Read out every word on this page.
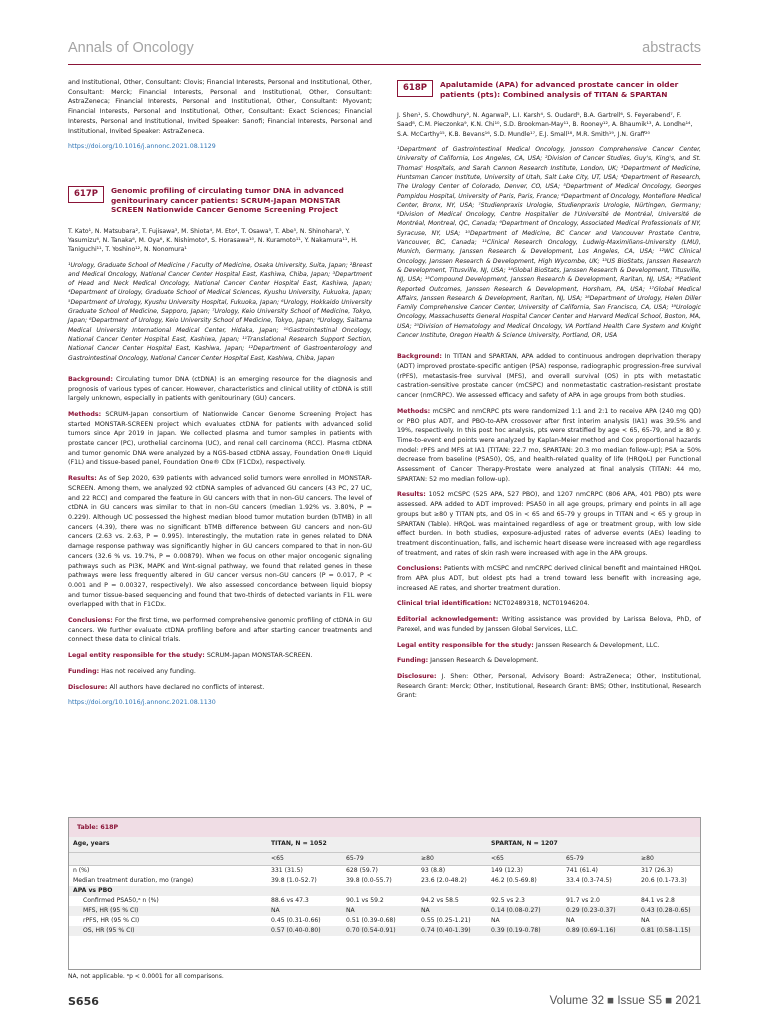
Annals of Oncology	abstracts

and Institutional, Other, Consultant: Clovis; Financial Interests, Personal and Institutional, Other, Consultant: Merck; Financial Interests, Personal and Institutional, Other, Consultant: AstraZeneca; Financial Interests, Personal and Institutional, Other, Consultant: Myovant; Financial Interests, Personal and Institutional, Other, Consultant: Exact Sciences; Financial Interests, Personal and Institutional, Invited Speaker: Sanofi; Financial Interests, Personal and Institutional, Invited Speaker: AstraZeneca.

https://doi.org/10.1016/j.annonc.2021.08.1129

617P	Genomic profiling of circulating tumor DNA in advanced genitourinary cancer patients: SCRUM-Japan MONSTAR SCREEN Nationwide Cancer Genome Screening Project

T. Kato¹, N. Matsubara², T. Fujisawa³, M. Shiota⁴, M. Eto⁴, T. Osawa⁵, T. Abe⁵, N. Shinohara⁵, Y. Yasumizu⁶, N. Tanaka⁶, M. Oya⁶, K. Nishimoto⁹, S. Horasawa¹⁰, N. Kuramoto¹¹, Y. Nakamura¹¹, H. Taniguchi¹¹, T. Yoshino¹², N. Nonomura¹

¹Urology, Graduate School of Medicine / Faculty of Medicine, Osaka University, Suita, Japan; ²Breast and Medical Oncology, National Cancer Center Hospital East, Kashiwa, Chiba, Japan; ³Department of Head and Neck Medical Oncology, National Cancer Center Hospital East, Kashiwa, Japan; ⁴Department of Urology, Graduate School of Medical Sciences, Kyushu University, Fukuoka, Japan; ⁵Department of Urology, Kyushu University Hospital, Fukuoka, Japan; ⁶Urology, Hokkaido University Graduate School of Medicine, Sapporo, Japan; ⁷Urology, Keio University School of Medicine, Tokyo, Japan; ⁸Department of Urology, Keio University School of Medicine, Tokyo, Japan; ⁹Urology, Saitama Medical University International Medical Center, Hidaka, Japan; ¹⁰Gastrointestinal Oncology, National Cancer Center Hospital East, Kashiwa, Japan; ¹¹Translational Research Support Section, National Cancer Center Hospital East, Kashiwa, Japan; ¹²Department of Gastroenterology and Gastrointestinal Oncology, National Cancer Center Hospital East, Kashiwa, Chiba, Japan

Background: Circulating tumor DNA (ctDNA) is an emerging resource for the diagnosis and prognosis of various types of cancer. However, characteristics and clinical utility of ctDNA is still largely unknown, especially in patients with genitourinary (GU) cancers.

Methods: SCRUM-Japan consortium of Nationwide Cancer Genome Screening Project has started MONSTAR-SCREEN project which evaluates ctDNA for patients with advanced solid tumors since Apr 2019 in Japan. We collected plasma and tumor samples in patients with prostate cancer (PC), urothelial carcinoma (UC), and renal cell carcinoma (RCC). Plasma ctDNA and tumor genomic DNA were analyzed by a NGS-based ctDNA assay, Foundation One® Liquid (F1L) and tissue-based panel, Foundation One® CDx (F1CDx), respectively.

Results: As of Sep 2020, 639 patients with advanced solid tumors were enrolled in MONSTAR-SCREEN. Among them, we analyzed 92 ctDNA samples of advanced GU cancers (43 PC, 27 UC, and 22 RCC) and compared the feature in GU cancers with that in non-GU cancers. The level of ctDNA in GU cancers was similar to that in non-GU cancers (median 1.92% vs. 3.80%, P = 0.229). Although UC possessed the highest median blood tumor mutation burden (bTMB) in all cancers (4.39), there was no significant bTMB difference between GU cancers and non-GU cancers (2.63 vs. 2.63, P = 0.995). Interestingly, the mutation rate in genes related to DNA damage response pathway was significantly higher in GU cancers compared to that in non-GU cancers (32.6 % vs. 19.7%, P = 0.00879). When we focus on other major oncogenic signaling pathways such as PI3K, MAPK and Wnt-signal pathway, we found that related genes in these pathways were less frequently altered in GU cancer versus non-GU cancers (P = 0.017, P < 0.001 and P = 0.00327, respectively). We also assessed concordance between liquid biopsy and tumor tissue-based sequencing and found that two-thirds of detected variants in F1L were overlapped with that in F1CDx.

Conclusions: For the first time, we performed comprehensive genomic profiling of ctDNA in GU cancers. We further evaluate ctDNA profiling before and after starting cancer treatments and connect these data to clinical trials.

Legal entity responsible for the study: SCRUM-Japan MONSTAR-SCREEN.

Funding: Has not received any funding.

Disclosure: All authors have declared no conflicts of interest.

https://doi.org/10.1016/j.annonc.2021.08.1130

618P	Apalutamide (APA) for advanced prostate cancer in older patients (pts): Combined analysis of TITAN & SPARTAN

J. Shen¹, S. Chowdhury², N. Agarwal³, L.I. Karsh⁴, S. Oudard⁵, B.A. Gartrell⁶, S. Feyerabend⁷, F. Saad⁸, C.M. Pieczonka⁹, K.N. Chi¹⁰, S.D. Brookman-May¹¹, B. Rooney¹², A. Bhaumik¹³, A. Londhe¹⁴, S.A. McCarthy¹⁵, K.B. Bevans¹⁶, S.D. Mundle¹⁷, E.J. Small¹⁸, M.R. Smith¹⁹, J.N. Graff²⁰

¹Department of Gastrointestinal Medical Oncology, Jonsson Comprehensive Cancer Center, University of California, Los Angeles, CA, USA; ²Division of Cancer Studies, Guy's, King's, and St. Thomas' Hospitals, and Sarah Cannon Research Institute, London, UK; ³Department of Medicine, Huntsman Cancer Institute, University of Utah, Salt Lake City, UT, USA; ⁴Department of Research, The Urology Center of Colorado, Denver, CO, USA; ⁵Department of Medical Oncology, Georges Pompidou Hospital, University of Paris, Paris, France; ⁶Department of Oncology, Montefiore Medical Center, Bronx, NY, USA; ⁷Studienpraxis Urologie, Studienpraxis Urologie, Nürtingen, Germany; ⁸Division of Medical Oncology, Centre Hospitalier de l'Université de Montréal, Université de Montréal, Montreal, QC, Canada; ⁹Department of Oncology, Associated Medical Professionals of NY, Syracuse, NY, USA; ¹⁰Department of Medicine, BC Cancer and Vancouver Prostate Centre, Vancouver, BC, Canada; ¹¹Clinical Research Oncology, Ludwig-Maximilians-University (LMU), Munich, Germany, Janssen Research & Development, Los Angeles, CA, USA; ¹²WC Clinical Oncology, Janssen Research & Development, High Wycombe, UK; ¹³US BioStats, Janssen Research & Development, Titusville, NJ, USA; ¹⁴Global BioStats, Janssen Research & Development, Titusville, NJ, USA; ¹⁵Compound Development, Janssen Research & Development, Raritan, NJ, USA; ¹⁶Patient Reported Outcomes, Janssen Research & Development, Horsham, PA, USA; ¹⁷Global Medical Affairs, Janssen Research & Development, Raritan, NJ, USA; ¹⁸Department of Urology, Helen Diller Family Comprehensive Cancer Center, University of California, San Francisco, CA, USA; ¹⁹Urologic Oncology, Massachusetts General Hospital Cancer Center and Harvard Medical School, Boston, MA, USA; ²⁰Division of Hematology and Medical Oncology, VA Portland Health Care System and Knight Cancer Institute, Oregon Health & Science University, Portland, OR, USA

Background: In TITAN and SPARTAN, APA added to continuous androgen deprivation therapy (ADT) improved prostate-specific antigen (PSA) response, radiographic progression-free survival (rPFS), metastasis-free survival (MFS), and overall survival (OS) in pts with metastatic castration-sensitive prostate cancer (mCSPC) and nonmetastatic castration-resistant prostate cancer (nmCRPC). We assessed efficacy and safety of APA in age groups from both studies.

Methods: mCSPC and nmCRPC pts were randomized 1:1 and 2:1 to receive APA (240 mg QD) or PBO plus ADT, and PBO-to-APA crossover after first interim analysis (IA1) was 39.5% and 19%, respectively. In this post hoc analysis, pts were stratified by age < 65, 65-79, and ≥ 80 y. Time-to-event end points were analyzed by Kaplan-Meier method and Cox proportional hazards model: rPFS and MFS at IA1 (TITAN: 22.7 mo, SPARTAN: 20.3 mo median follow-up); PSA ≥ 50% decrease from baseline (PSA50), OS, and health-related quality of life (HRQoL) per Functional Assessment of Cancer Therapy-Prostate were analyzed at final analysis (TITAN: 44 mo, SPARTAN: 52 mo median follow-up).

Results: 1052 mCSPC (525 APA, 527 PBO), and 1207 nmCRPC (806 APA, 401 PBO) pts were assessed. APA added to ADT improved: PSA50 in all age groups, primary end points in all age groups but ≥80 y TITAN pts, and OS in < 65 and 65-79 y groups in TITAN and < 65 y group in SPARTAN (Table). HRQoL was maintained regardless of age or treatment group, with low side effect burden. In both studies, exposure-adjusted rates of adverse events (AEs) leading to treatment discontinuation, falls, and ischemic heart disease were increased with age regardless of treatment, and rates of skin rash were increased with age in the APA groups.

Conclusions: Patients with mCSPC and nmCRPC derived clinical benefit and maintained HRQoL from APA plus ADT, but oldest pts had a trend toward less benefit with increasing age, increased AE rates, and shorter treatment duration.

Clinical trial identification: NCT02489318, NCT01946204.

Editorial acknowledgement: Writing assistance was provided by Larissa Belova, PhD, of Parexel, and was funded by Janssen Global Services, LLC.

Legal entity responsible for the study: Janssen Research & Development, LLC.

Funding: Janssen Research & Development.

Disclosure: J. Shen: Other, Personal, Advisory Board: AstraZeneca; Other, Institutional, Research Grant: Merck; Other, Institutional, Research Grant: BMS; Other, Institutional, Research Grant:

Table: 618P
Age, years	TITAN, N = 1052			SPARTAN, N = 1207		
	<65	65-79	≥80	<65	65-79	≥80
n (%)	331 (31.5)	628 (59.7)	93 (8.8)	149 (12.3)	741 (61.4)	317 (26.3)
Median treatment duration, mo (range)	39.8 (1.0-52.7)	39.8 (0.0-55.7)	23.6 (2.0-48.2)	46.2 (0.5-69.8)	33.4 (0.3-74.5)	20.6 (0.1-73.3)
APA vs PBO						
Confirmed PSA50,ᵃ n (%)	88.6 vs 47.3	90.1 vs 59.2	94.2 vs 58.5	92.5 vs 2.3	91.7 vs 2.0	84.1 vs 2.8
MFS, HR (95 % CI)	NA	NA	NA	0.14 (0.08-0.27)	0.29 (0.23-0.37)	0.43 (0.28-0.65)
rPFS, HR (95 % CI)	0.45 (0.31-0.66)	0.51 (0.39-0.68)	0.55 (0.25-1.21)	NA	NA	NA
OS, HR (95 % CI)	0.57 (0.40-0.80)	0.70 (0.54-0.91)	0.74 (0.40-1.39)	0.39 (0.19-0.78)	0.89 (0.69-1.16)	0.81 (0.58-1.15)
NA, not applicable. ᵃp < 0.0001 for all comparisons.
S656	Volume 32 ■ Issue S5 ■ 2021
